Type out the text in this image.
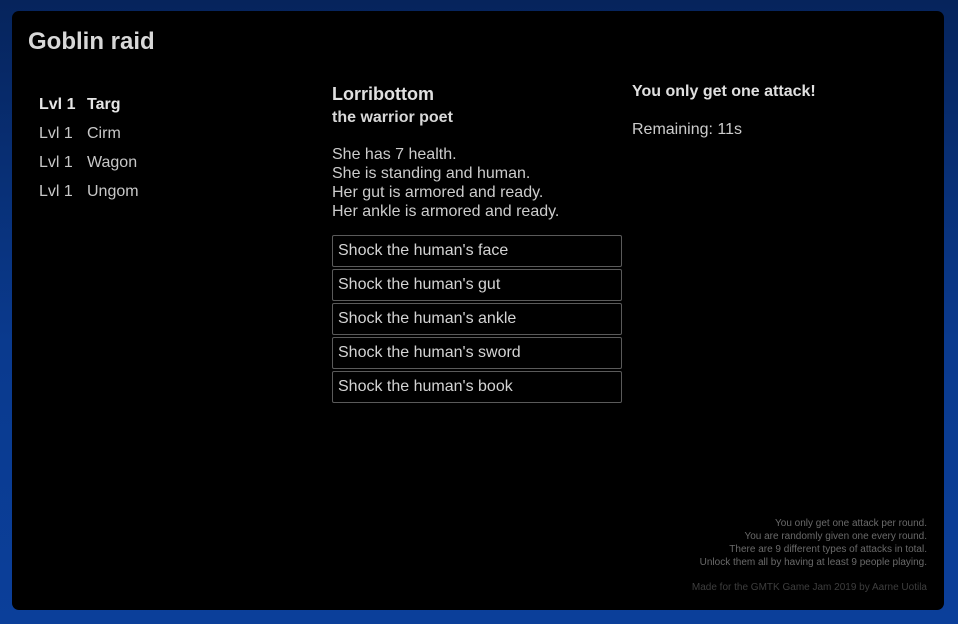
Goblin raid
Lvl 1 Targ
Lvl 1 Cirm
Lvl 1 Wagon
Lvl 1 Ungom
Lorribottom
the warrior poet
She has 7 health.
She is standing and human.
Her gut is armored and ready.
Her ankle is armored and ready.
Shock the human's face
Shock the human's gut
Shock the human's ankle
Shock the human's sword
Shock the human's book
You only get one attack!
Remaining: 11s
You only get one attack per round.
You are randomly given one every round.
There are 9 different types of attacks in total.
Unlock them all by having at least 9 people playing.
Made for the GMTK Game Jam 2019 by Aarne Uotila
